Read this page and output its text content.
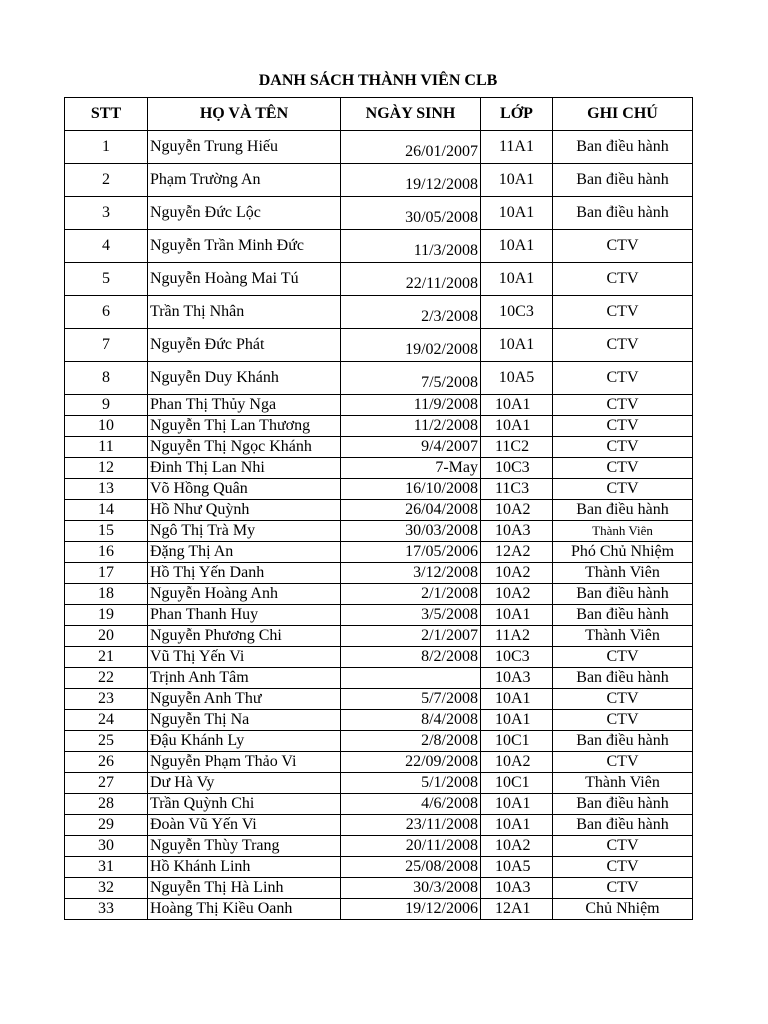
DANH SÁCH THÀNH VIÊN CLB
STT	HỌ VÀ TÊN	NGÀY SINH	LỚP	GHI CHÚ
1	Nguyễn Trung Hiếu	26/01/2007	11A1	Ban điều hành
2	Phạm Trường An	19/12/2008	10A1	Ban điều hành
3	Nguyễn Đức Lộc	30/05/2008	10A1	Ban điều hành
4	Nguyễn Trần Minh Đức	11/3/2008	10A1	CTV
5	Nguyễn Hoàng Mai Tú	22/11/2008	10A1	CTV
6	Trần Thị Nhân	2/3/2008	10C3	CTV
7	Nguyễn Đức Phát	19/02/2008	10A1	CTV
8	Nguyễn Duy Khánh	7/5/2008	10A5	CTV
9	Phan Thị Thủy Nga	11/9/2008	10A1	CTV
10	Nguyễn Thị Lan Thương	11/2/2008	10A1	CTV
11	Nguyễn Thị Ngọc Khánh	9/4/2007	11C2	CTV
12	Đinh Thị Lan Nhi	7-May	10C3	CTV
13	Võ Hồng Quân	16/10/2008	11C3	CTV
14	Hồ Như Quỳnh	26/04/2008	10A2	Ban điều hành
15	Ngô Thị Trà My	30/03/2008	10A3	Thành Viên
16	Đặng Thị An	17/05/2006	12A2	Phó Chủ Nhiệm
17	Hồ Thị Yến Danh	3/12/2008	10A2	Thành Viên
18	Nguyễn Hoàng Anh	2/1/2008	10A2	Ban điều hành
19	Phan Thanh Huy	3/5/2008	10A1	Ban điều hành
20	Nguyễn Phương Chi	2/1/2007	11A2	Thành Viên
21	Vũ Thị Yến Vi	8/2/2008	10C3	CTV
22	Trịnh Anh Tâm		10A3	Ban điều hành
23	Nguyễn Anh Thư	5/7/2008	10A1	CTV
24	Nguyễn Thị Na	8/4/2008	10A1	CTV
25	Đậu Khánh Ly	2/8/2008	10C1	Ban điều hành
26	Nguyễn Phạm Thảo Vi	22/09/2008	10A2	CTV
27	Dư Hà Vy	5/1/2008	10C1	Thành Viên
28	Trần Quỳnh Chi	4/6/2008	10A1	Ban điều hành
29	Đoàn Vũ Yến Vi	23/11/2008	10A1	Ban điều hành
30	Nguyễn Thùy Trang	20/11/2008	10A2	CTV
31	Hồ Khánh Linh	25/08/2008	10A5	CTV
32	Nguyễn Thị Hà Linh	30/3/2008	10A3	CTV
33	Hoàng Thị Kiều Oanh	19/12/2006	12A1	Chủ Nhiệm
